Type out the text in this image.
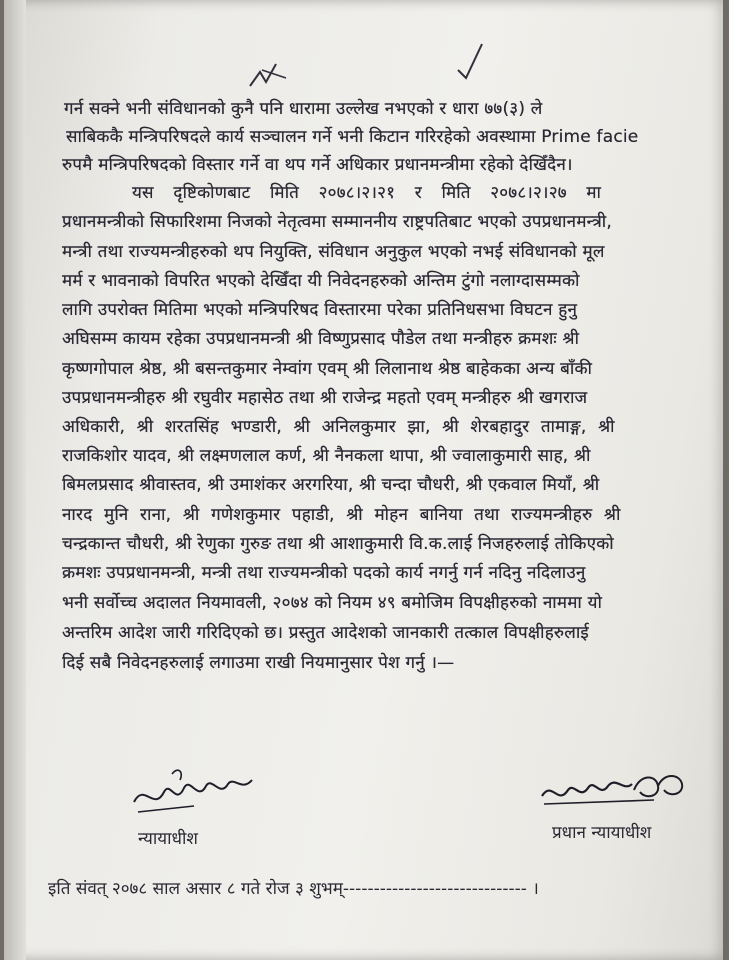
गर्न सक्ने भनी संविधानको कुनै पनि धारामा उल्लेख नभएको र धारा ७७(३) ले
साबिककै मन्त्रिपरिषदले कार्य सञ्चालन गर्ने भनी किटान गरिरहेको अवस्थामा Prime facie
रुपमै मन्त्रिपरिषदको विस्तार गर्ने वा थप गर्ने अधिकार प्रधानमन्त्रीमा रहेको देखिँदैन।
यस दृष्टिकोणबाट मिति २०७८।२।२१ र मिति २०७८।२।२७ मा
प्रधानमन्त्रीको सिफारिशमा निजको नेतृत्वमा सम्माननीय राष्ट्रपतिबाट भएको उपप्रधानमन्त्री,
मन्त्री तथा राज्यमन्त्रीहरुको थप नियुक्ति, संविधान अनुकुल भएको नभई संविधानको मूल
मर्म र भावनाको विपरित भएको देखिँदा यी निवेदनहरुको अन्तिम टुंगो नलाग्दासम्मको
लागि उपरोक्त मितिमा भएको मन्त्रिपरिषद विस्तारमा परेका प्रतिनिधसभा विघटन हुनु
अघिसम्म कायम रहेका उपप्रधानमन्त्री श्री विष्णुप्रसाद पौडेल तथा मन्त्रीहरु क्रमशः श्री
कृष्णगोपाल श्रेष्ठ, श्री बसन्तकुमार नेम्वांग एवम् श्री लिलानाथ श्रेष्ठ बाहेकका अन्य बाँकी
उपप्रधानमन्त्रीहरु श्री रघुवीर महासेठ तथा श्री राजेन्द्र महतो एवम् मन्त्रीहरु श्री खगराज
अधिकारी, श्री शरतसिंह भण्डारी, श्री अनिलकुमार झा, श्री शेरबहादुर तामाङ्ग, श्री
राजकिशोर यादव, श्री लक्ष्मणलाल कर्ण, श्री नैनकला थापा, श्री ज्वालाकुमारी साह, श्री
बिमलप्रसाद श्रीवास्तव, श्री उमाशंकर अरगरिया, श्री चन्दा चौधरी, श्री एकवाल मियाँ, श्री
नारद मुनि राना, श्री गणेशकुमार पहाडी, श्री मोहन बानिया तथा राज्यमन्त्रीहरु श्री
चन्द्रकान्त चौधरी, श्री रेणुका गुरुङ तथा श्री आशाकुमारी वि.क.लाई निजहरुलाई तोकिएको
क्रमशः उपप्रधानमन्त्री, मन्त्री तथा राज्यमन्त्रीको पदको कार्य नगर्नु गर्न नदिनु नदिलाउनु
भनी सर्वोच्च अदालत नियमावली, २०७४ को नियम ४९ बमोजिम विपक्षीहरुको नाममा यो
अन्तरिम आदेश जारी गरिदिएको छ। प्रस्तुत आदेशको जानकारी तत्काल विपक्षीहरुलाई
दिई सबै निवेदनहरुलाई लगाउमा राखी नियमानुसार पेश गर्नु ।—
न्यायाधीश	प्रधान न्यायाधीश
इति संवत् २०७८ साल असार ८ गते रोज ३ शुभम्------------------------------ ।
